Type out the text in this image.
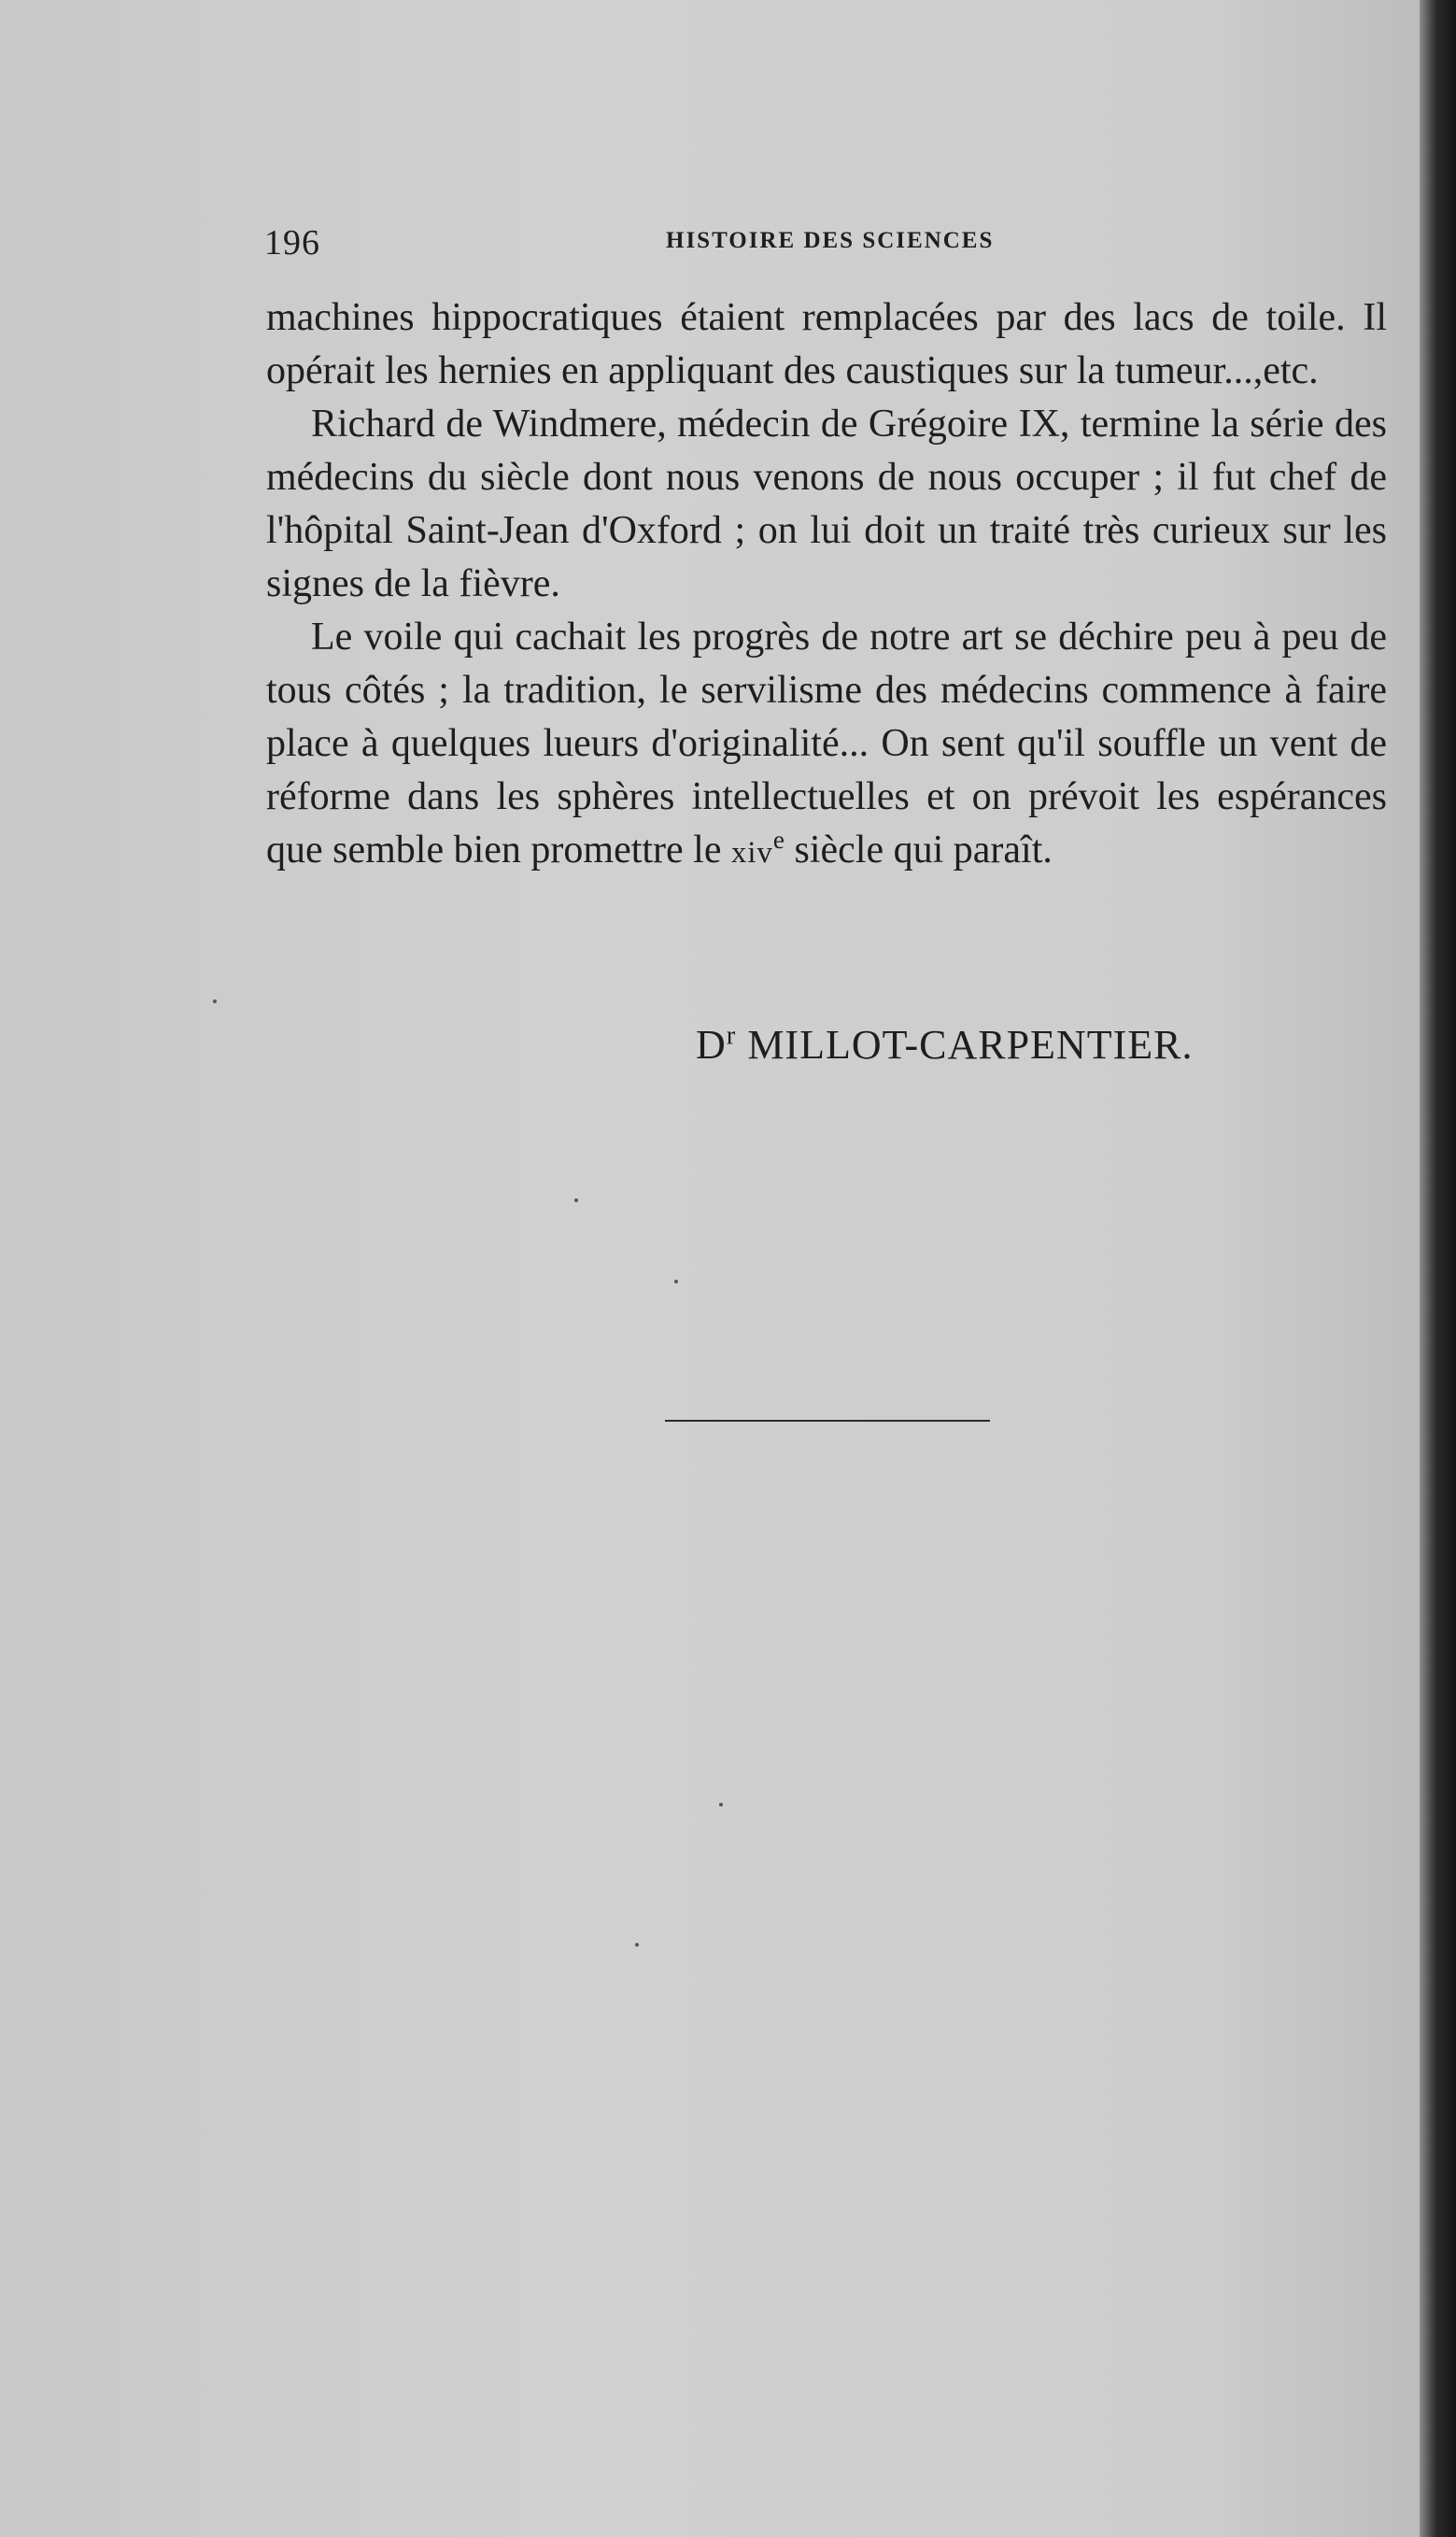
196	HISTOIRE DES SCIENCES

machines hippocratiques étaient remplacées par des lacs de toile. Il opérait les hernies en appliquant des caustiques sur la tumeur...,etc.

Richard de Windmere, médecin de Grégoire IX, termine la série des médecins du siècle dont nous venons de nous occuper ; il fut chef de l'hôpital Saint-Jean d'Oxford ; on lui doit un traité très curieux sur les signes de la fièvre.

Le voile qui cachait les progrès de notre art se déchire peu à peu de tous côtés ; la tradition, le servilisme des médecins commence à faire place à quelques lueurs d'originalité... On sent qu'il souffle un vent de réforme dans les sphères intellectuelles et on prévoit les espérances que semble bien promettre le xiv$^e$ siècle qui paraît.

$D^r$ MILLOT-CARPENTIER.
